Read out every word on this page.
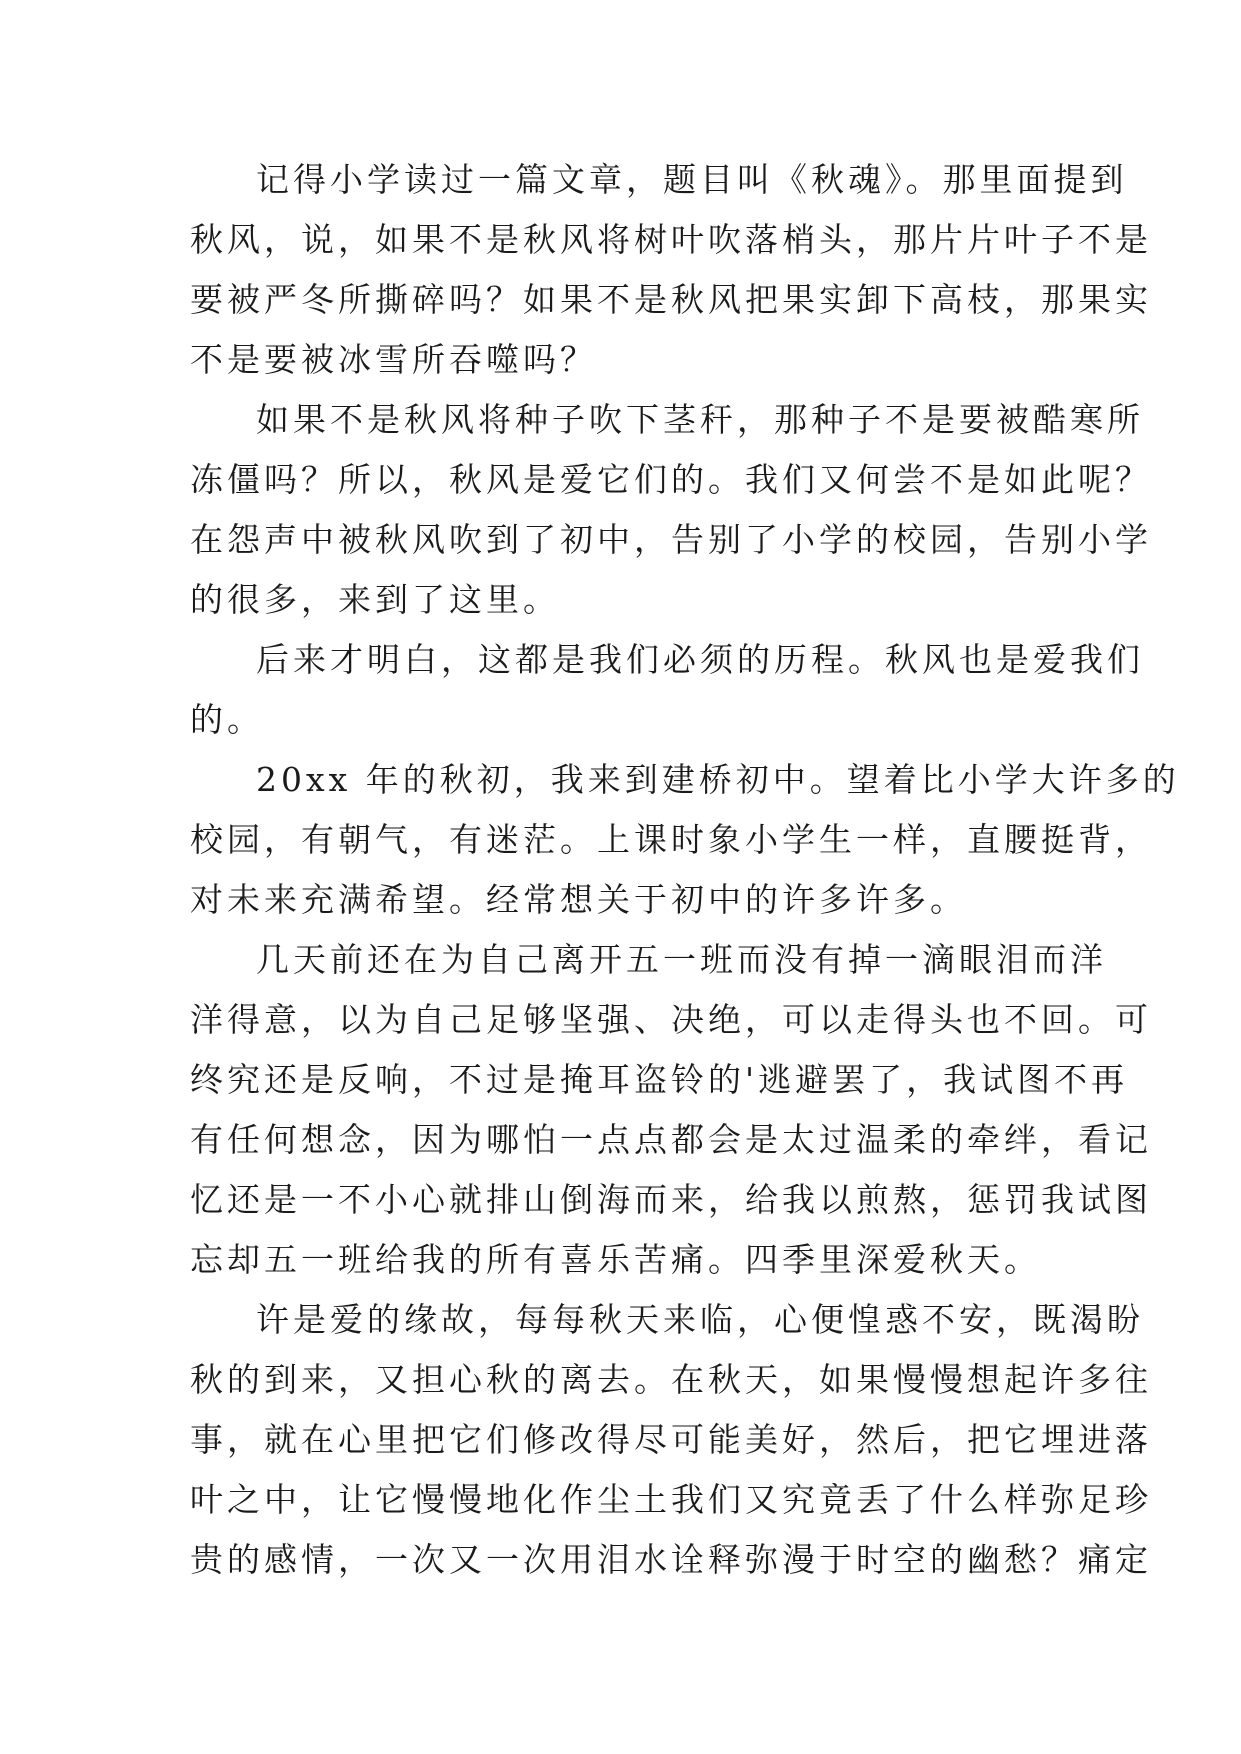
记得小学读过一篇文章，题目叫《秋魂》。那里面提到
秋风，说，如果不是秋风将树叶吹落梢头，那片片叶子不是
要被严冬所撕碎吗？如果不是秋风把果实卸下高枝，那果实
不是要被冰雪所吞噬吗？
如果不是秋风将种子吹下茎秆，那种子不是要被酷寒所
冻僵吗？所以，秋风是爱它们的。我们又何尝不是如此呢？
在怨声中被秋风吹到了初中，告别了小学的校园，告别小学
的很多，来到了这里。
后来才明白，这都是我们必须的历程。秋风也是爱我们
的。
20xx 年的秋初，我来到建桥初中。望着比小学大许多的
校园，有朝气，有迷茫。上课时象小学生一样，直腰挺背，
对未来充满希望。经常想关于初中的许多许多。
几天前还在为自己离开五一班而没有掉一滴眼泪而洋
洋得意，以为自己足够坚强、决绝，可以走得头也不回。可
终究还是反响，不过是掩耳盗铃的'逃避罢了，我试图不再
有任何想念，因为哪怕一点点都会是太过温柔的牵绊，看记
忆还是一不小心就排山倒海而来，给我以煎熬，惩罚我试图
忘却五一班给我的所有喜乐苦痛。四季里深爱秋天。
许是爱的缘故，每每秋天来临，心便惶惑不安，既渴盼
秋的到来，又担心秋的离去。在秋天，如果慢慢想起许多往
事，就在心里把它们修改得尽可能美好，然后，把它埋进落
叶之中，让它慢慢地化作尘土我们又究竟丢了什么样弥足珍
贵的感情，一次又一次用泪水诠释弥漫于时空的幽愁？痛定
